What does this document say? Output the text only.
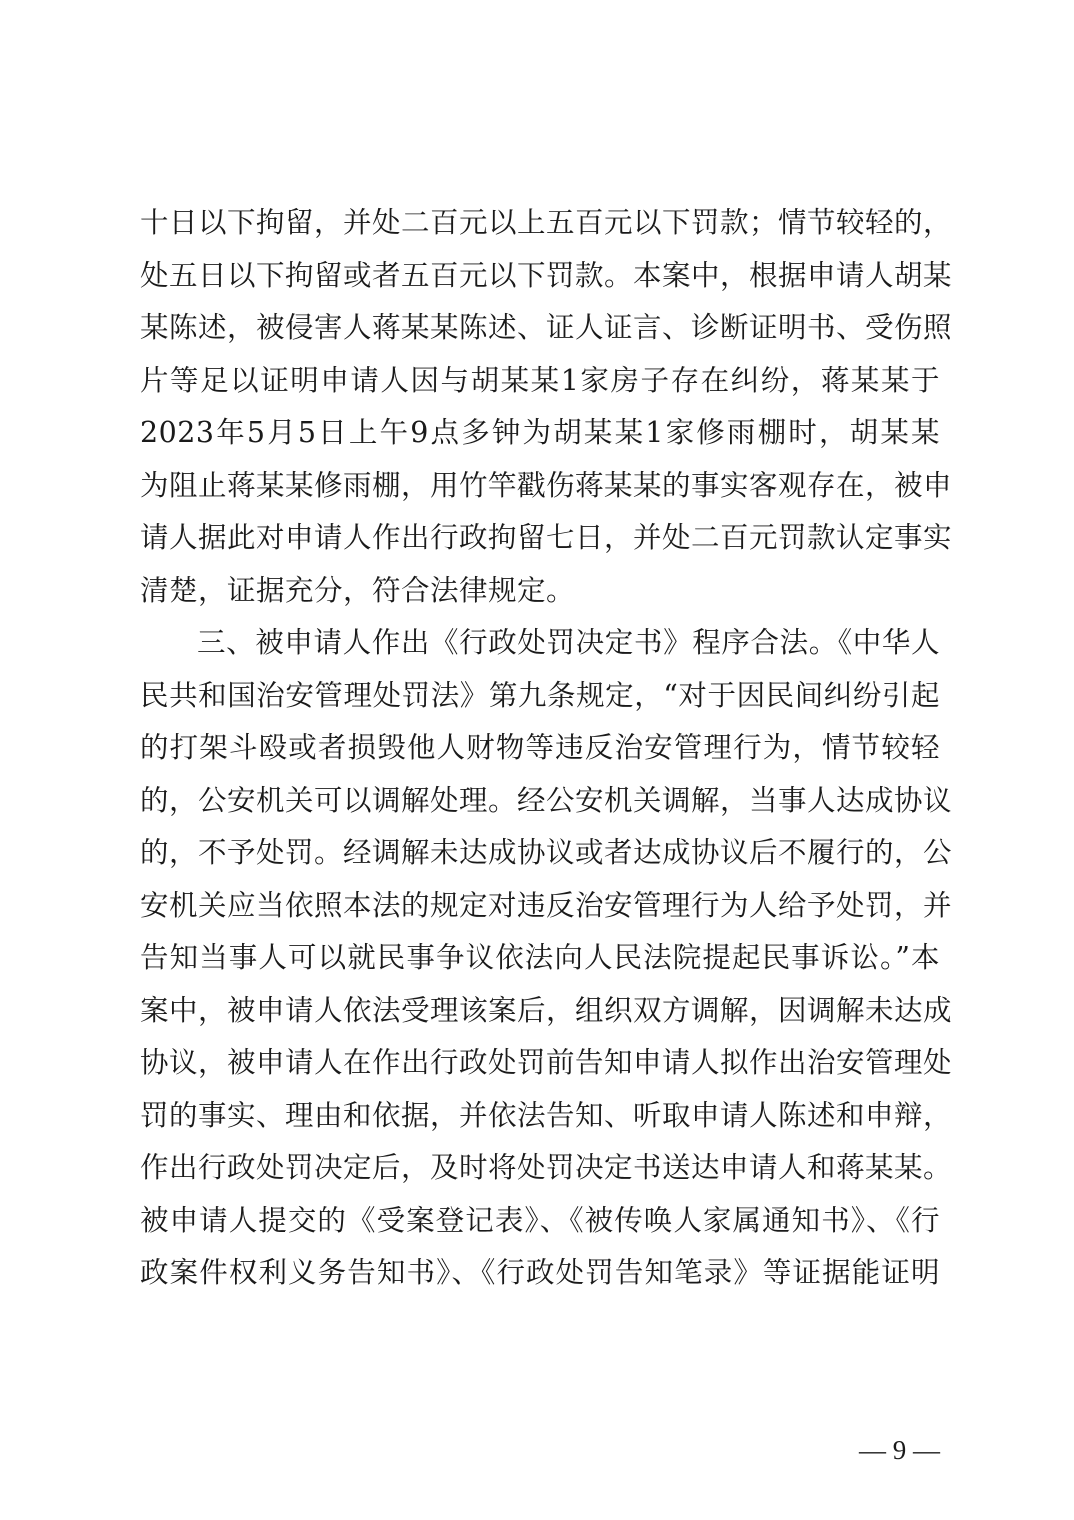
十日以下拘留，并处二百元以上五百元以下罚款；情节较轻的，
处五日以下拘留或者五百元以下罚款。本案中，根据申请人胡某
某陈述，被侵害人蒋某某陈述、证人证言、诊断证明书、受伤照
片等足以证明申请人因与胡某某1家房子存在纠纷，蒋某某于
2023年5月5日上午9点多钟为胡某某1家修雨棚时，胡某某
为阻止蒋某某修雨棚，用竹竿戳伤蒋某某的事实客观存在，被申
请人据此对申请人作出行政拘留七日，并处二百元罚款认定事实
清楚，证据充分，符合法律规定。
三、被申请人作出《行政处罚决定书》程序合法。《中华人
民共和国治安管理处罚法》第九条规定，“对于因民间纠纷引起
的打架斗殴或者损毁他人财物等违反治安管理行为，情节较轻
的，公安机关可以调解处理。经公安机关调解，当事人达成协议
的，不予处罚。经调解未达成协议或者达成协议后不履行的，公
安机关应当依照本法的规定对违反治安管理行为人给予处罚，并
告知当事人可以就民事争议依法向人民法院提起民事诉讼。”本
案中，被申请人依法受理该案后，组织双方调解，因调解未达成
协议，被申请人在作出行政处罚前告知申请人拟作出治安管理处
罚的事实、理由和依据，并依法告知、听取申请人陈述和申辩，
作出行政处罚决定后，及时将处罚决定书送达申请人和蒋某某。
被申请人提交的《受案登记表》、《被传唤人家属通知书》、《行
政案件权利义务告知书》、《行政处罚告知笔录》等证据能证明
— 9 —
